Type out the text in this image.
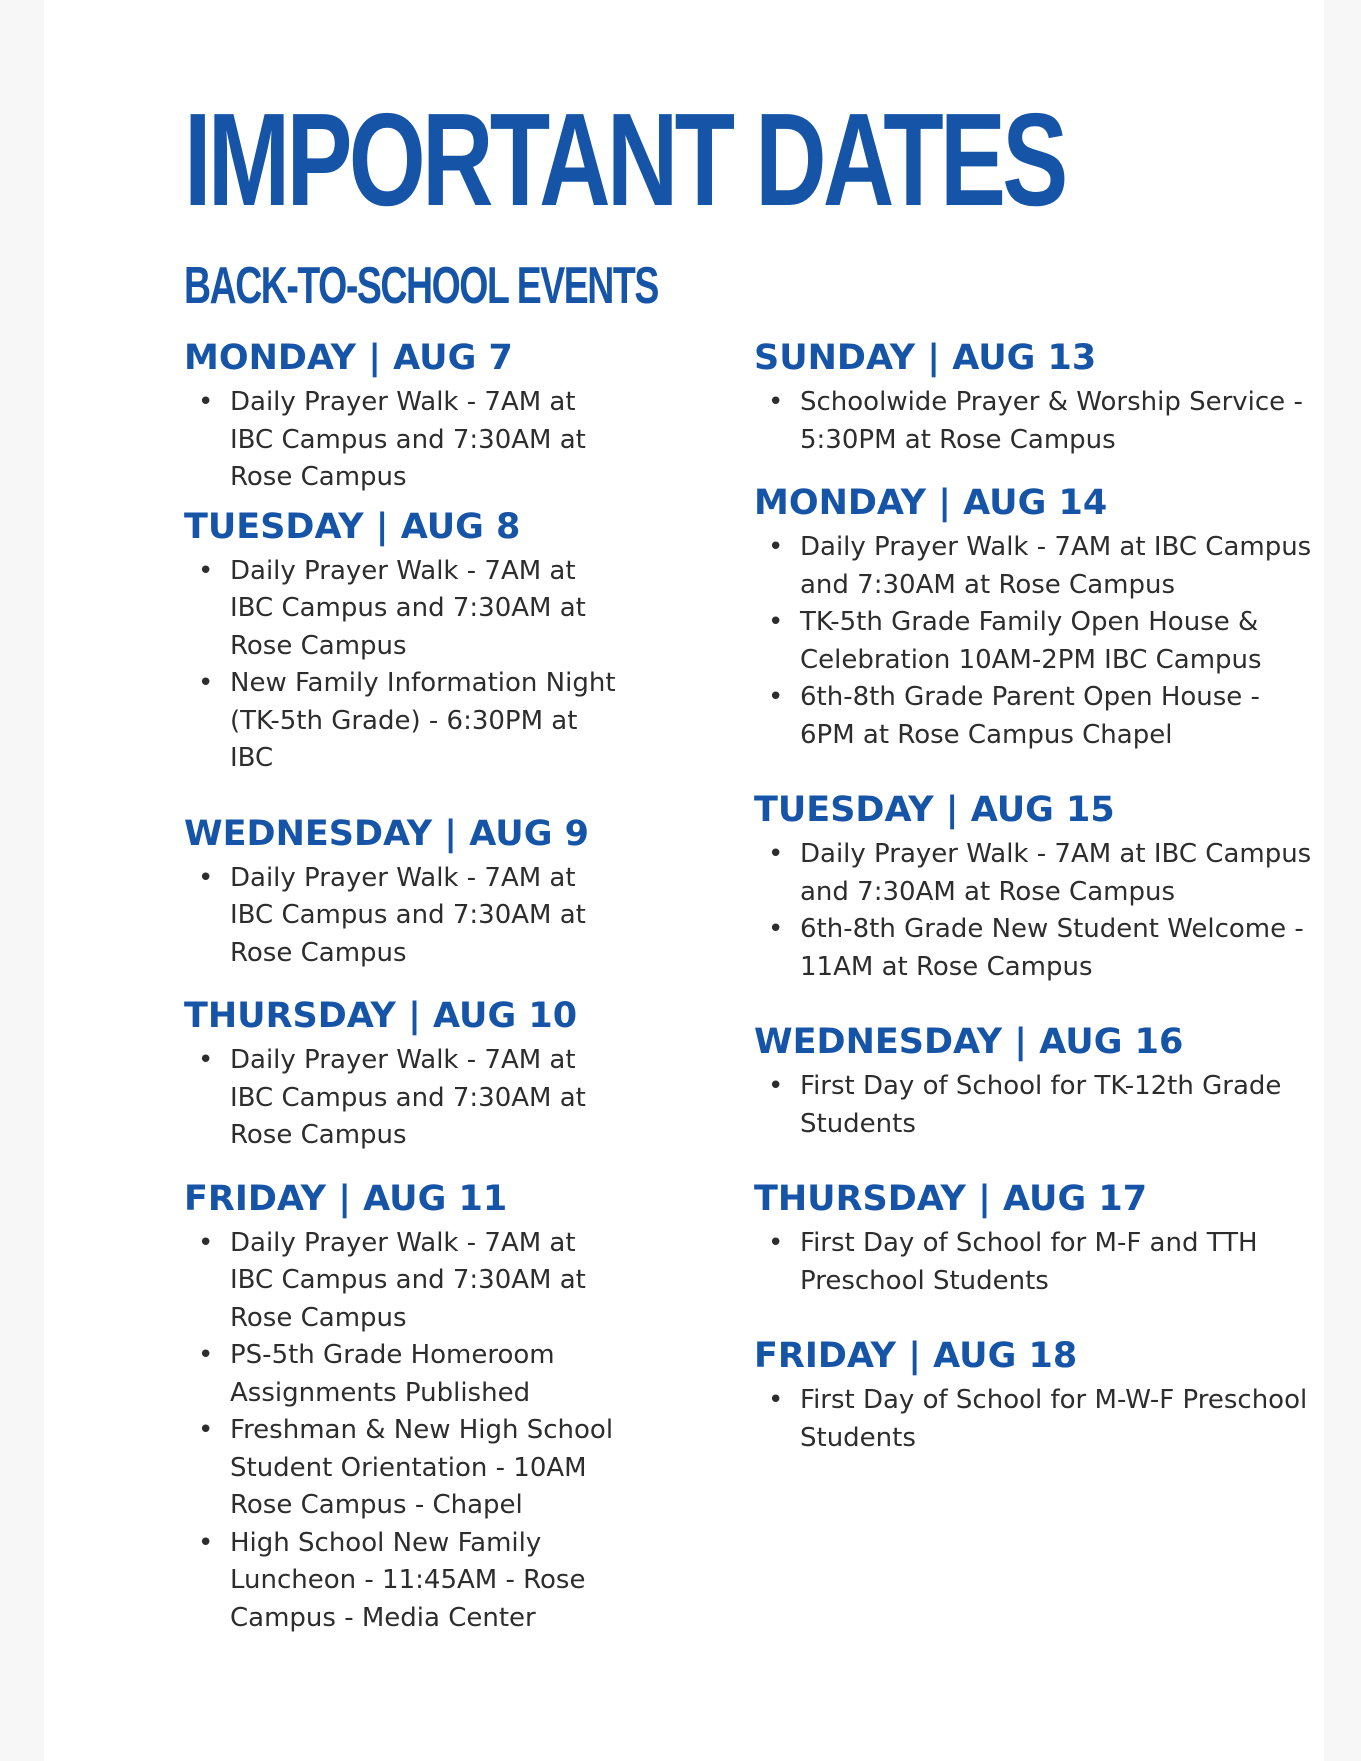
IMPORTANT DATES
BACK-TO-SCHOOL EVENTS
MONDAY | AUG 7
• Daily Prayer Walk - 7AM at IBC Campus and 7:30AM at Rose Campus
TUESDAY | AUG 8
• Daily Prayer Walk - 7AM at IBC Campus and 7:30AM at Rose Campus
• New Family Information Night (TK-5th Grade) - 6:30PM at IBC
WEDNESDAY | AUG 9
• Daily Prayer Walk - 7AM at IBC Campus and 7:30AM at Rose Campus
THURSDAY | AUG 10
• Daily Prayer Walk - 7AM at IBC Campus and 7:30AM at Rose Campus
FRIDAY | AUG 11
• Daily Prayer Walk - 7AM at IBC Campus and 7:30AM at Rose Campus
• PS-5th Grade Homeroom Assignments Published
• Freshman & New High School Student Orientation - 10AM Rose Campus - Chapel
• High School New Family Luncheon - 11:45AM - Rose Campus - Media Center
SUNDAY | AUG 13
• Schoolwide Prayer & Worship Service - 5:30PM at Rose Campus
MONDAY | AUG 14
• Daily Prayer Walk - 7AM at IBC Campus and 7:30AM at Rose Campus
• TK-5th Grade Family Open House & Celebration 10AM-2PM IBC Campus
• 6th-8th Grade Parent Open House - 6PM at Rose Campus Chapel
TUESDAY | AUG 15
• Daily Prayer Walk - 7AM at IBC Campus and 7:30AM at Rose Campus
• 6th-8th Grade New Student Welcome - 11AM at Rose Campus
WEDNESDAY | AUG 16
• First Day of School for TK-12th Grade Students
THURSDAY | AUG 17
• First Day of School for M-F and TTH Preschool Students
FRIDAY | AUG 18
• First Day of School for M-W-F Preschool Students
